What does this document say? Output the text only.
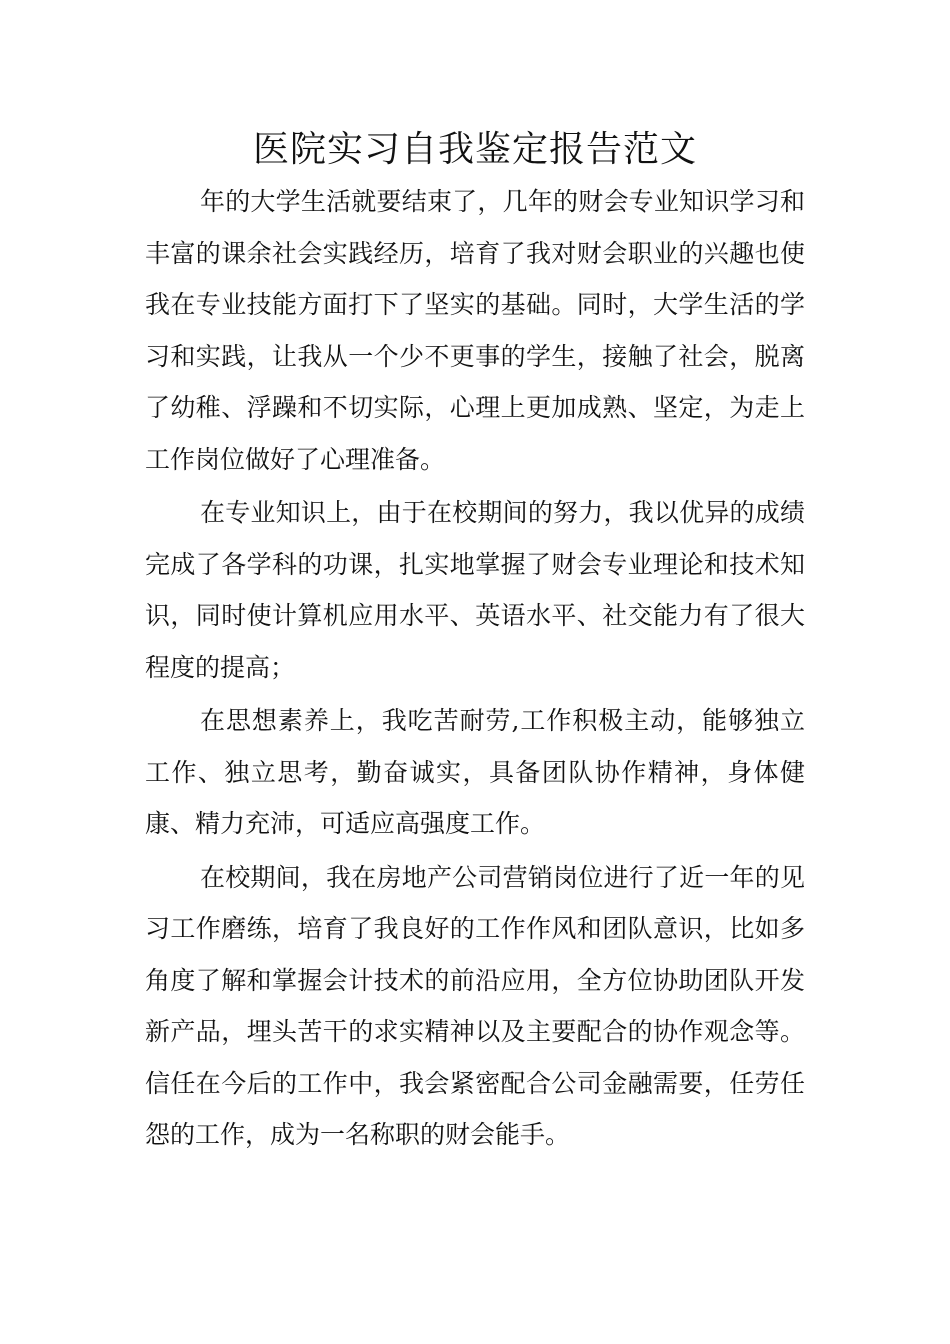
医院实习自我鉴定报告范文

年的大学生活就要结束了，几年的财会专业知识学习和丰富的课余社会实践经历，培育了我对财会职业的兴趣也使我在专业技能方面打下了坚实的基础。同时，大学生活的学习和实践，让我从一个少不更事的学生，接触了社会，脱离了幼稚、浮躁和不切实际，心理上更加成熟、坚定，为走上工作岗位做好了心理准备。

在专业知识上，由于在校期间的努力，我以优异的成绩完成了各学科的功课，扎实地掌握了财会专业理论和技术知识，同时使计算机应用水平、英语水平、社交能力有了很大程度的提高；

在思想素养上，我吃苦耐劳,工作积极主动，能够独立工作、独立思考，勤奋诚实，具备团队协作精神，身体健康、精力充沛，可适应高强度工作。

在校期间，我在房地产公司营销岗位进行了近一年的见习工作磨练，培育了我良好的工作作风和团队意识，比如多角度了解和掌握会计技术的前沿应用，全方位协助团队开发新产品，埋头苦干的求实精神以及主要配合的协作观念等。信任在今后的工作中，我会紧密配合公司金融需要，任劳任怨的工作，成为一名称职的财会能手。
